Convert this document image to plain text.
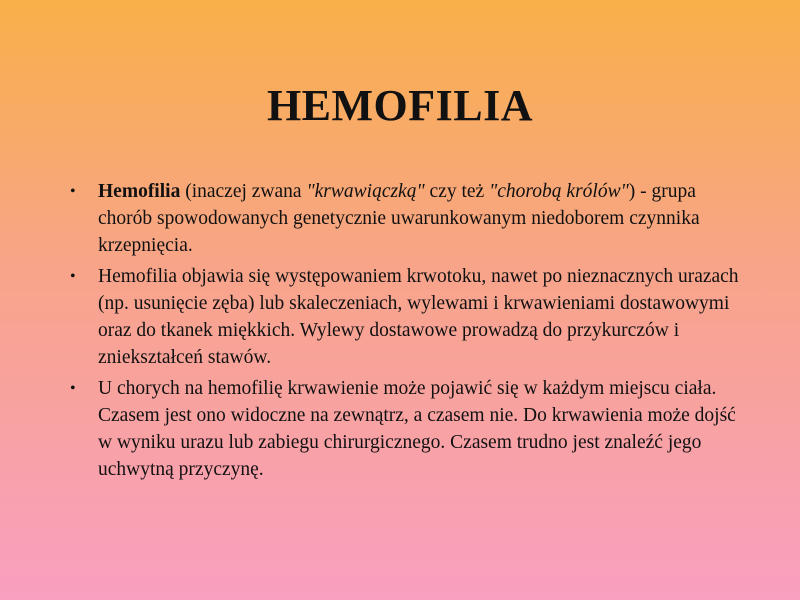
HEMOFILIA
• Hemofilia (inaczej zwana "krwawiączką" czy też "chorobą królów") - grupa chorób spowodowanych genetycznie uwarunkowanym niedoborem czynnika krzepnięcia.
• Hemofilia objawia się występowaniem krwotoku, nawet po nieznacznych urazach (np. usunięcie zęba) lub skaleczeniach, wylewami i krwawieniami dostawowymi oraz do tkanek miękkich. Wylewy dostawowe prowadzą do przykurczów i zniekształceń stawów.
• U chorych na hemofilię krwawienie może pojawić się w każdym miejscu ciała. Czasem jest ono widoczne na zewnątrz, a czasem nie. Do krwawienia może dojść w wyniku urazu lub zabiegu chirurgicznego. Czasem trudno jest znaleźć jego uchwytną przyczynę.
